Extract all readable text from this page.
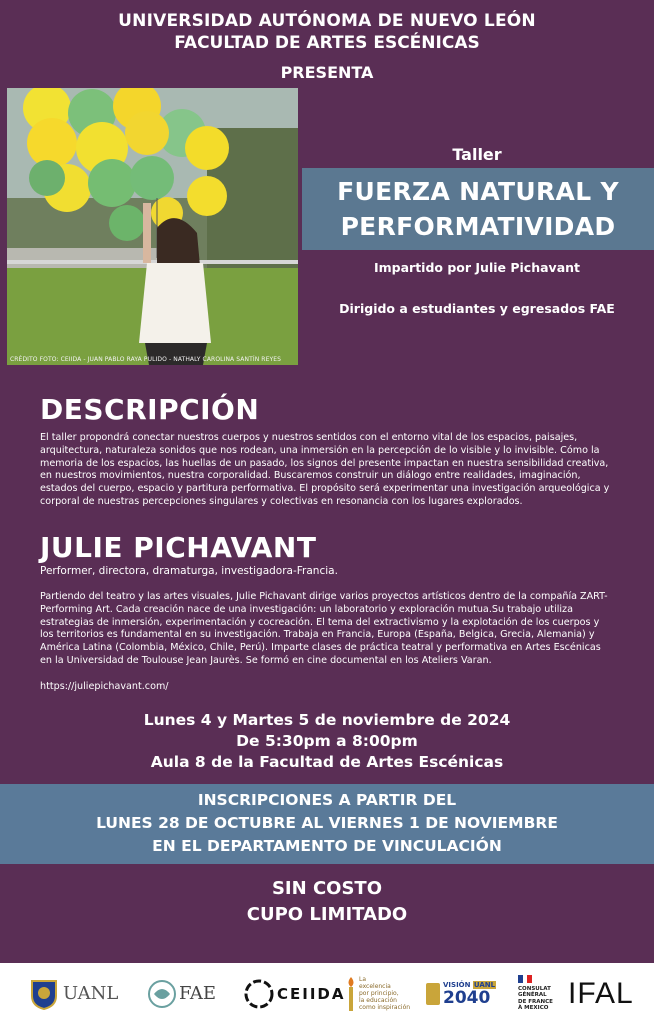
UNIVERSIDAD AUTÓNOMA DE NUEVO LEÓN
FACULTAD DE ARTES ESCÉNICAS
PRESENTA
CRÉDITO FOTO: CEIIDA - JUAN PABLO RAYA PULIDO - NATHALY CAROLINA SANTÍN REYES
Taller
FUERZA NATURAL Y
PERFORMATIVIDAD
Impartido por Julie Pichavant
Dirigido a estudiantes y egresados FAE
DESCRIPCIÓN
El taller propondrá conectar nuestros cuerpos y nuestros sentidos con el entorno vital de los espacios, paisajes, arquitectura, naturaleza sonidos que nos rodean, una inmersión en la percepción de lo visible y lo invisible. Cómo la memoria de los espacios, las huellas de un pasado, los signos del presente impactan en nuestra sensibilidad creativa, en nuestros movimientos, nuestra corporalidad. Buscaremos construir un diálogo entre realidades, imaginación, estados del cuerpo, espacio y partitura performativa. El propósito será experimentar una investigación arqueológica y corporal de nuestras percepciones singulares y colectivas en resonancia con los lugares explorados.
JULIE PICHAVANT
Performer, directora, dramaturga, investigadora-Francia.
Partiendo del teatro y las artes visuales, Julie Pichavant dirige varios proyectos artísticos dentro de la compañía ZART- Performing Art. Cada creación nace de una investigación: un laboratorio y exploración mutua.Su trabajo utiliza estrategias de inmersión, experimentación y cocreación. El tema del extractivismo y la explotación de los cuerpos y los territorios es fundamental en su investigación. Trabaja en Francia, Europa (España, Belgica, Grecia, Alemania) y América Latina (Colombia, México, Chile, Perú). Imparte clases de práctica teatral y performativa en Artes Escénicas en la Universidad de Toulouse Jean Jaurès. Se formó en cine documental en los Ateliers Varan.
https://juliepichavant.com/
Lunes 4 y Martes 5 de noviembre de 2024
De 5:30pm a 8:00pm
Aula 8 de la Facultad de Artes Escénicas
INSCRIPCIONES A PARTIR DEL
LUNES 28 DE OCTUBRE AL VIERNES 1 DE NOVIEMBRE
EN EL DEPARTAMENTO DE VINCULACIÓN
SIN COSTO
CUPO LIMITADO
UANL	FAE	CEIIDA
La
excelencia
por principio,
la educación
como inspiración
VISIÓN UANL
2040	CONSULAT
GÉNÉRAL
DE FRANCE
À MEXICO IFAL
